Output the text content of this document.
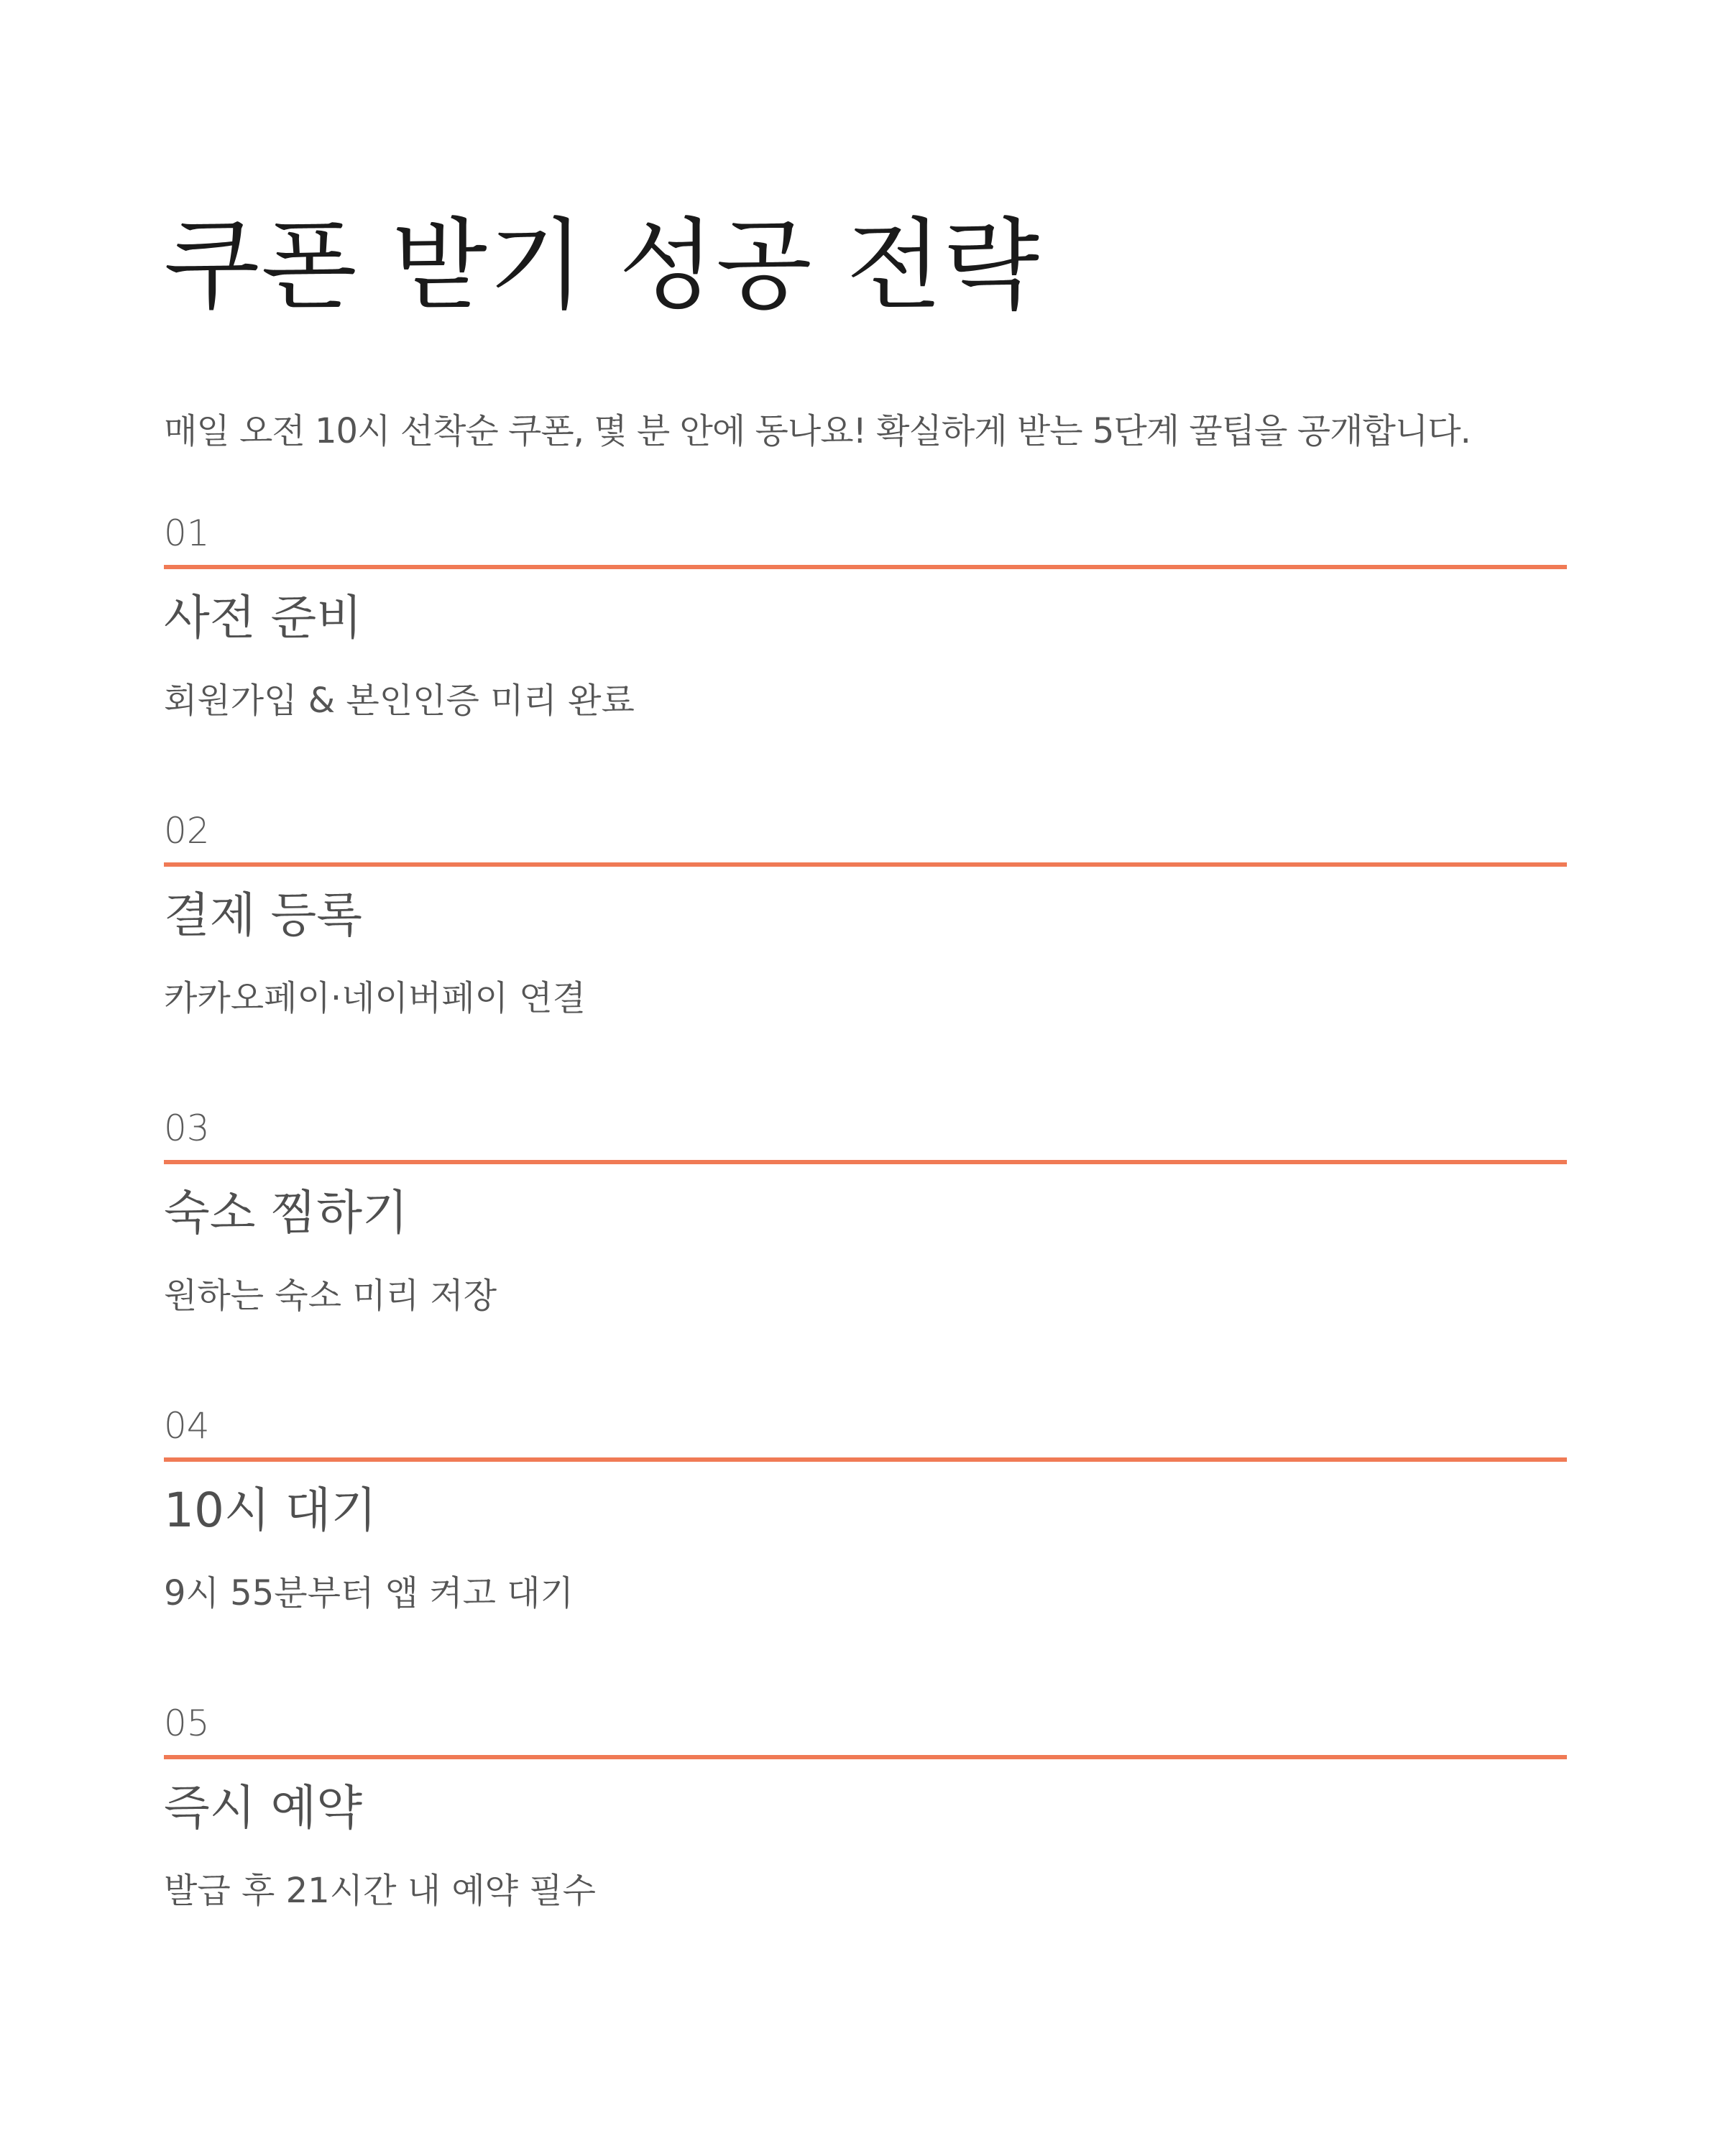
쿠폰 받기 성공 전략

매일 오전 10시 선착순 쿠폰, 몇 분 안에 동나요! 확실하게 받는 5단계 꿀팁을 공개합니다.

01
사전 준비

회원가입 & 본인인증 미리 완료

02
결제 등록

카카오페이·네이버페이 연결

03
숙소 찜하기

원하는 숙소 미리 저장

04
10시 대기

9시 55분부터 앱 켜고 대기

05
즉시 예약

발급 후 21시간 내 예약 필수
